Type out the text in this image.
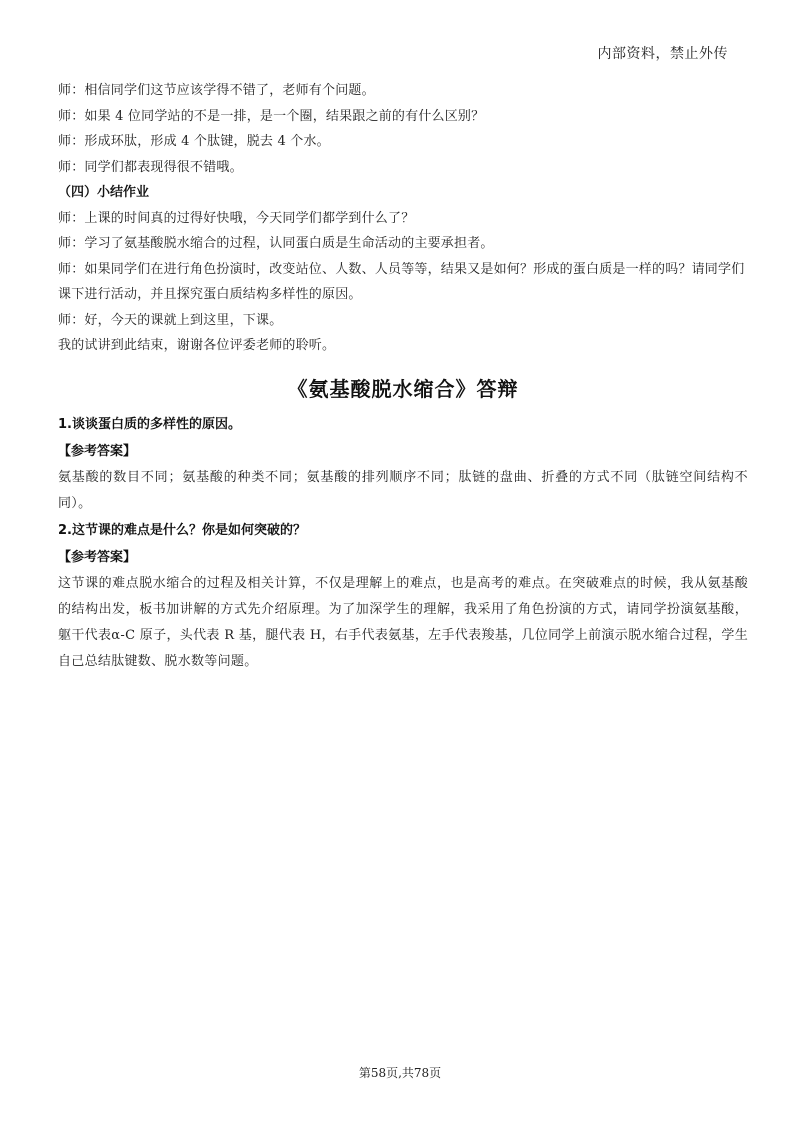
内部资料，禁止外传

师：相信同学们这节应该学得不错了，老师有个问题。

师：如果 4 位同学站的不是一排，是一个圈，结果跟之前的有什么区别？

师：形成环肽，形成 4 个肽键，脱去 4 个水。

师：同学们都表现得很不错哦。

（四）小结作业

师：上课的时间真的过得好快哦，今天同学们都学到什么了？

师：学习了氨基酸脱水缩合的过程，认同蛋白质是生命活动的主要承担者。

师：如果同学们在进行角色扮演时，改变站位、人数、人员等等，结果又是如何？形成的蛋白质是一样的吗？请同学们课下进行活动，并且探究蛋白质结构多样性的原因。

师：好，今天的课就上到这里，下课。

我的试讲到此结束，谢谢各位评委老师的聆听。

《氨基酸脱水缩合》答辩

1.谈谈蛋白质的多样性的原因。

【参考答案】

氨基酸的数目不同；氨基酸的种类不同；氨基酸的排列顺序不同；肽链的盘曲、折叠的方式不同（肽链空间结构不同）。

2.这节课的难点是什么？你是如何突破的？

【参考答案】

这节课的难点脱水缩合的过程及相关计算，不仅是理解上的难点，也是高考的难点。在突破难点的时候，我从氨基酸的结构出发，板书加讲解的方式先介绍原理。为了加深学生的理解，我采用了角色扮演的方式，请同学扮演氨基酸，躯干代表α-C 原子，头代表 R 基，腿代表 H，右手代表氨基，左手代表羧基，几位同学上前演示脱水缩合过程，学生自己总结肽键数、脱水数等问题。

第58页,共78页
